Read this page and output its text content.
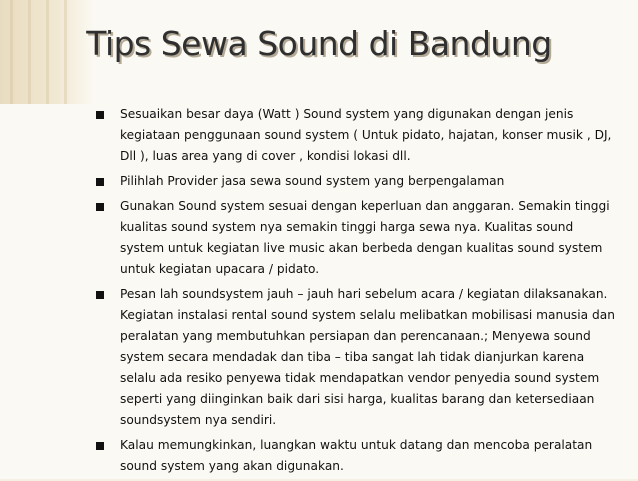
Tips Sewa Sound di Bandung
Sesuaikan besar daya (Watt ) Sound system yang digunakan dengan jenis kegiataan penggunaan sound system ( Untuk pidato, hajatan, konser musik , DJ, Dll ), luas area yang di cover , kondisi lokasi dll.
Pilihlah Provider jasa sewa sound system yang berpengalaman
Gunakan Sound system sesuai dengan keperluan dan anggaran. Semakin tinggi kualitas sound system nya semakin tinggi harga sewa nya. Kualitas sound system untuk kegiatan live music akan berbeda dengan kualitas sound system untuk kegiatan upacara / pidato.
Pesan lah soundsystem jauh – jauh hari sebelum acara / kegiatan dilaksanakan. Kegiatan instalasi rental sound system selalu melibatkan mobilisasi manusia dan peralatan yang membutuhkan persiapan dan perencanaan.; Menyewa sound system secara mendadak dan tiba – tiba sangat lah tidak dianjurkan karena selalu ada resiko penyewa tidak mendapatkan vendor penyedia sound system seperti yang diinginkan baik dari sisi harga, kualitas barang dan ketersediaan soundsystem nya sendiri.
Kalau memungkinkan, luangkan waktu untuk datang dan mencoba peralatan sound system yang akan digunakan.
